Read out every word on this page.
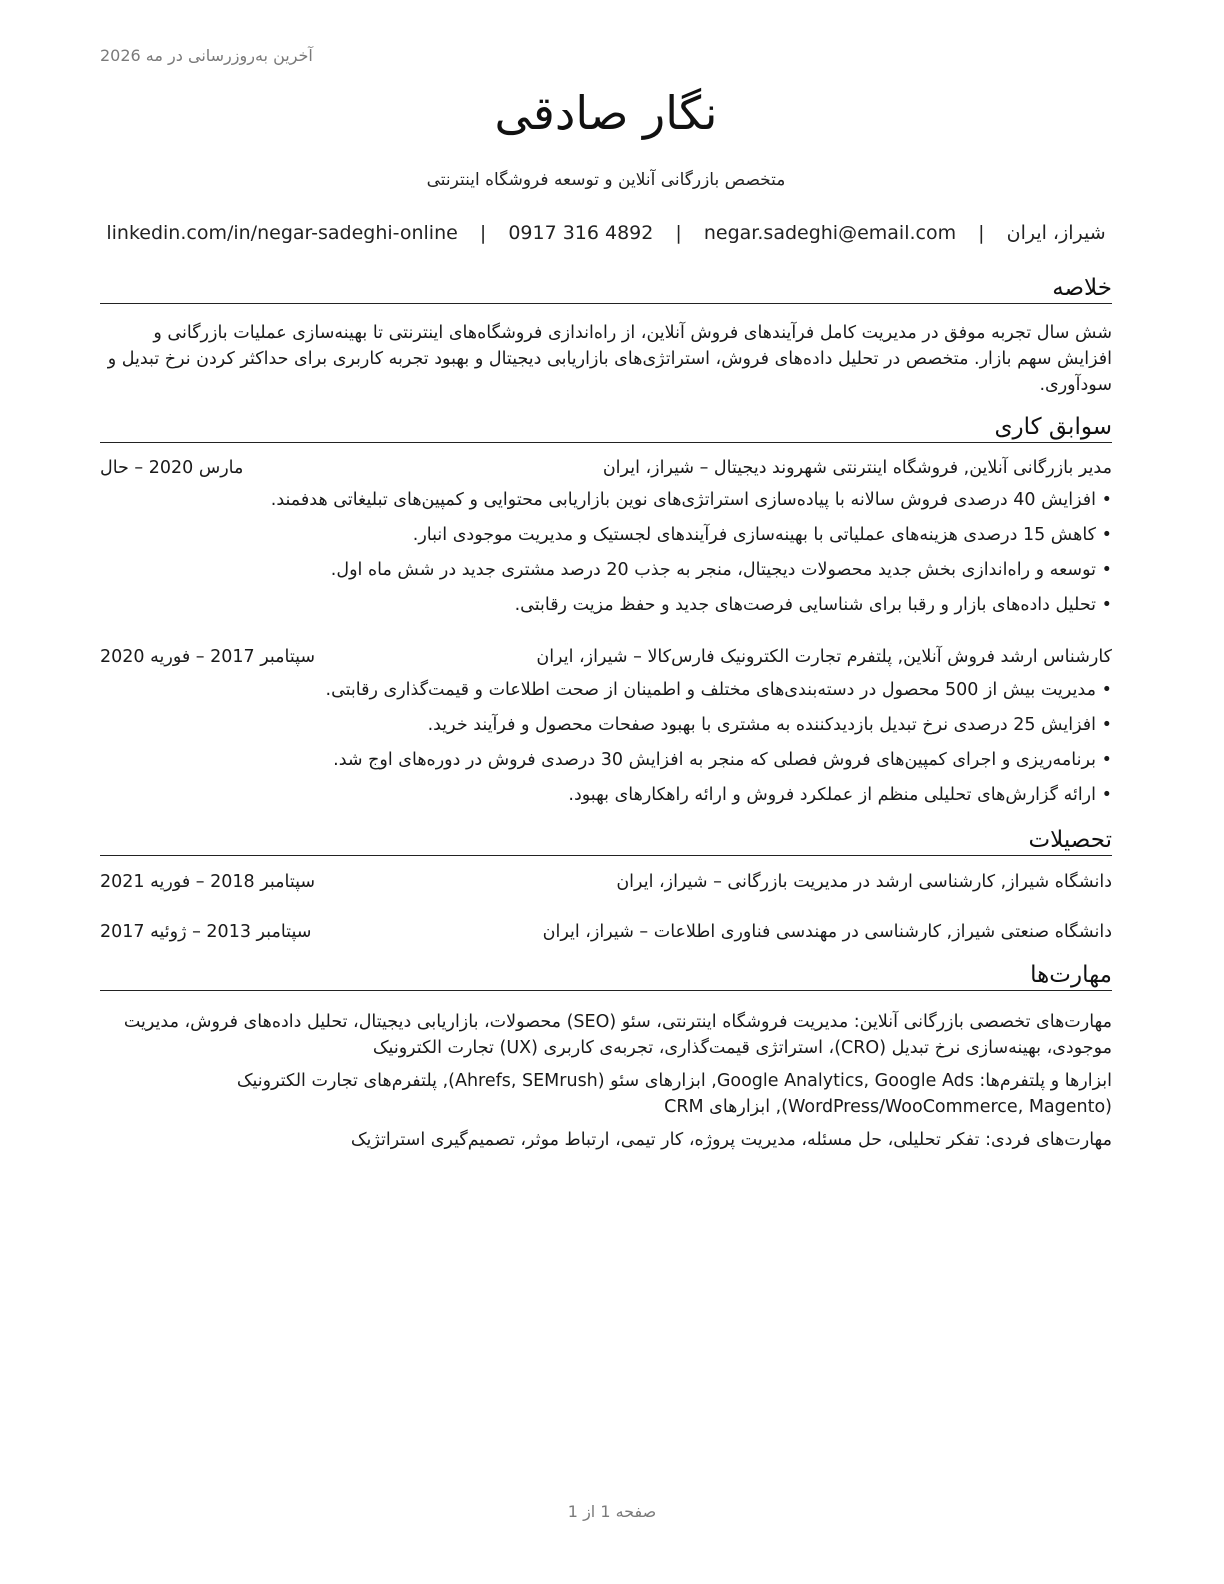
آخرین به‌روزرسانی در مه 2026
نگار صادقی
متخصص بازرگانی آنلاین و توسعه فروشگاه اینترنتی
شیراز، ایران | negar.sadeghi@email.com | 0917 316 4892 | linkedin.com/in/negar-sadeghi-online
خلاصه
شش سال تجربه موفق در مدیریت کامل فرآیندهای فروش آنلاین، از راه‌اندازی فروشگاه‌های اینترنتی تا بهینه‌سازی عملیات بازرگانی و افزایش سهم بازار. متخصص در تحلیل داده‌های فروش، استراتژی‌های بازاریابی دیجیتال و بهبود تجربه کاربری برای حداکثر کردن نرخ تبدیل و سودآوری.
سوابق کاری
مدیر بازرگانی آنلاین, فروشگاه اینترنتی شهروند دیجیتال – شیراز، ایران
مارس 2020 – حال
•افزایش 40 درصدی فروش سالانه با پیاده‌سازی استراتژی‌های نوین بازاریابی محتوایی و کمپین‌های تبلیغاتی هدفمند.
•کاهش 15 درصدی هزینه‌های عملیاتی با بهینه‌سازی فرآیندهای لجستیک و مدیریت موجودی انبار.
•توسعه و راه‌اندازی بخش جدید محصولات دیجیتال، منجر به جذب 20 درصد مشتری جدید در شش ماه اول.
•تحلیل داده‌های بازار و رقبا برای شناسایی فرصت‌های جدید و حفظ مزیت رقابتی.
کارشناس ارشد فروش آنلاین, پلتفرم تجارت الکترونیک فارس‌کالا – شیراز، ایران
سپتامبر 2017 – فوریه 2020
•مدیریت بیش از 500 محصول در دسته‌بندی‌های مختلف و اطمینان از صحت اطلاعات و قیمت‌گذاری رقابتی.
•افزایش 25 درصدی نرخ تبدیل بازدیدکننده به مشتری با بهبود صفحات محصول و فرآیند خرید.
•برنامه‌ریزی و اجرای کمپین‌های فروش فصلی که منجر به افزایش 30 درصدی فروش در دوره‌های اوج شد.
•ارائه گزارش‌های تحلیلی منظم از عملکرد فروش و ارائه راهکارهای بهبود.
تحصیلات
دانشگاه شیراز, کارشناسی ارشد در مدیریت بازرگانی – شیراز، ایران
سپتامبر 2018 – فوریه 2021
دانشگاه صنعتی شیراز, کارشناسی در مهندسی فناوری اطلاعات – شیراز، ایران
سپتامبر 2013 – ژوئیه 2017
مهارت‌ها
مهارت‌های تخصصی بازرگانی آنلاین: مدیریت فروشگاه اینترنتی، سئو (SEO) محصولات، بازاریابی دیجیتال، تحلیل داده‌های فروش، مدیریت موجودی، بهینه‌سازی نرخ تبدیل (CRO)، استراتژی قیمت‌گذاری، تجربه‌ی کاربری (UX) تجارت الکترونیک
ابزارها و پلتفرم‌ها: Google Analytics, Google Ads, ابزارهای سئو (Ahrefs, SEMrush), پلتفرم‌های تجارت الکترونیک (WordPress/WooCommerce, Magento), ابزارهای CRM
مهارت‌های فردی: تفکر تحلیلی، حل مسئله، مدیریت پروژه، کار تیمی، ارتباط موثر، تصمیم‌گیری استراتژیک
صفحه 1 از 1
